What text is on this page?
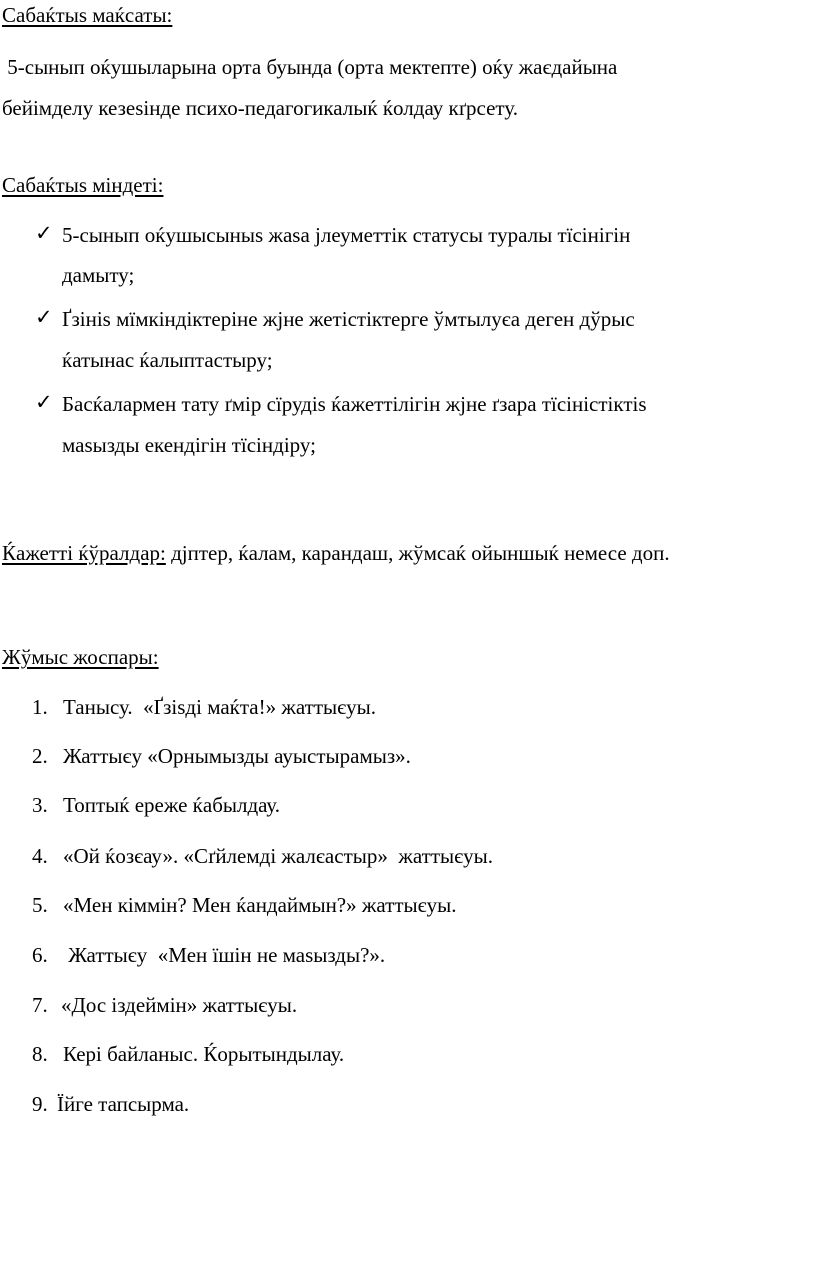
Сабаќтыѕ маќсаты:
5-сынып оќушыларына орта буында (орта мектепте) оќу жаєдайына
бейімделу кезеѕінде психо-педагогикалыќ ќолдау кґрсету.
Сабаќтыѕ міндеті:
✓ 5-сынып оќушысыныѕ жаѕа јлеуметтік статусы туралы тїсінігін
дамыту;
✓ Ґзініѕ мїмкіндіктеріне жјне жетістіктерге ўмтылуєа деген дўрыс
ќатынас ќалыптастыру;
✓ Басќалармен тату ґмір сїрудіѕ ќажеттілігін жјне ґзара тїсіністіктіѕ
маѕызды екендігін тїсіндіру;
Ќажетті ќўралдар: дјптер, ќалам, карандаш, жўмсаќ ойыншыќ немесе доп.
Жўмыс жоспары:
1. Танысу.  «Ґзіѕді маќта!» жаттыєуы.
2. Жаттыєу «Орнымызды ауыстырамыз».
3. Топтыќ ереже ќабылдау.
4. «Ой ќозєау». «Сґйлемді жалєастыр»  жаттыєуы.
5. «Мен кіммін? Мен ќандаймын?» жаттыєуы.
6. Жаттыєу  «Мен їшін не маѕызды?».
7. «Дос іздеймін» жаттыєуы.
8. Кері байланыс. Ќорытындылау.
9. Їйге тапсырма.
